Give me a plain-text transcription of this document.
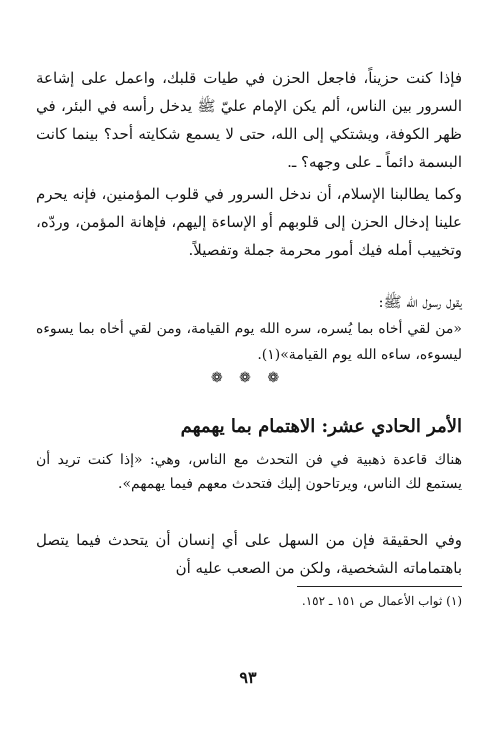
فإذا كنت حزيناً، فاجعل الحزن في طيات قلبك، واعمل على إشاعة السرور بين الناس، ألم يكن الإمام عليّ ﷺ يدخل رأسه في البئر، في ظهر الكوفة، ويشتكي إلى الله، حتى لا يسمع شكايته أحد؟ بينما كانت البسمة دائماً ـ على وجهه؟ ـ.

وكما يطالبنا الإسلام، أن ندخل السرور في قلوب المؤمنين، فإنه يحرم علينا إدخال الحزن إلى قلوبهم أو الإساءة إليهم، فإهانة المؤمن، وردّه، وتخييب أمله فيك أمور محرمة جملة وتفصيلاً.

يقول رسول الله ﷺ:

«من لقي أخاه بما يُسره، سره الله يوم القيامة، ومن لقي أخاه بما يسوءه ليسوءه، ساءه الله يوم القيامة»(١).

❁ ❁ ❁
الأمر الحادي عشر: الاهتمام بما يهمهم

هناك قاعدة ذهبية في فن التحدث مع الناس، وهي: «إذا كنت تريد أن يستمع لك الناس، ويرتاحون إليك فتحدث معهم فيما يهمهم».

وفي الحقيقة فإن من السهل على أي إنسان أن يتحدث فيما يتصل باهتماماته الشخصية، ولكن من الصعب عليه أن

(١) ثواب الأعمال ص ١٥١ ـ ١٥٢.
٩٣
